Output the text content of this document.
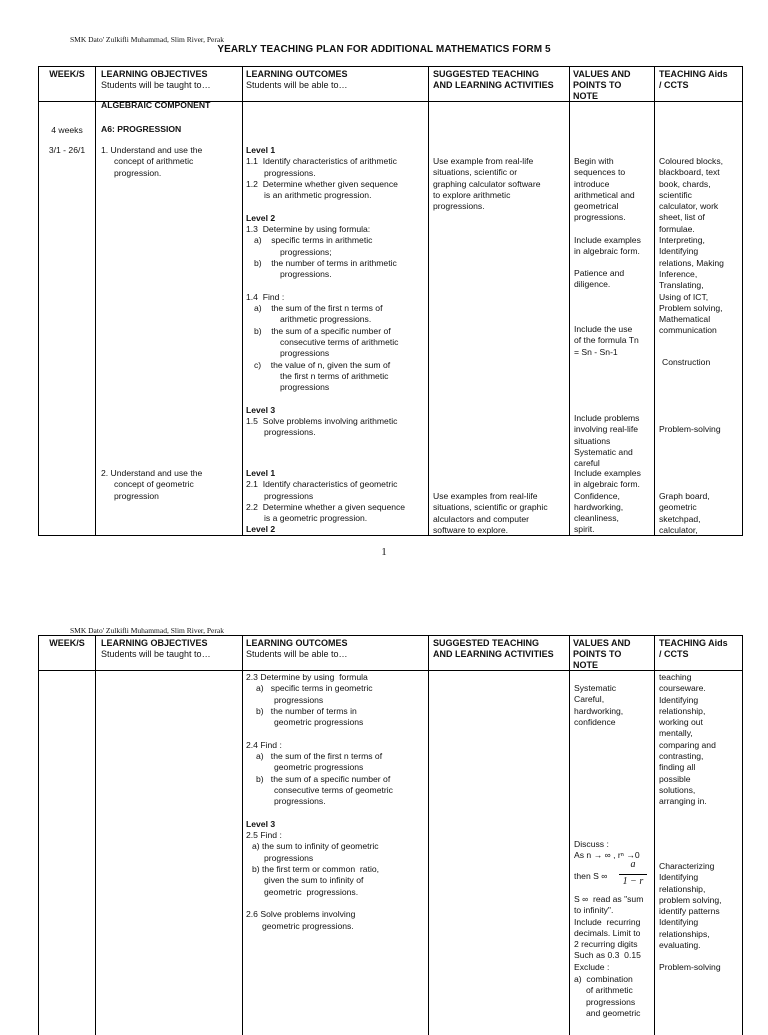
SMK Dato' Zulkifli Muhammad, Slim River, Perak
YEARLY TEACHING PLAN FOR ADDITIONAL MATHEMATICS FORM 5
WEEK/S	LEARNING OBJECTIVES
Students will be taught to…
LEARNING OUTCOMES
Students will be able to…
SUGGESTED TEACHING
AND LEARNING ACTIVITIES
VALUES AND
POINTS TO
NOTE
TEACHING Aids
/ CCTS
4 weeks
3/1 - 26/1
ALGEBRAIC COMPONENT
A6: PROGRESSION
1. Understand and use the
concept of arithmetic
progression.
2. Understand and use the
concept of geometric
progression
Level 1
1.1  Identify characteristics of arithmetic
progressions.
1.2  Determine whether given sequence
is an arithmetic progression.

Level 2
1.3  Determine by using formula:
a)    specific terms in arithmetic
progressions;
b)    the number of terms in arithmetic
progressions.

1.4  Find :
a)    the sum of the first n terms of
arithmetic progressions.
b)    the sum of a specific number of
consecutive terms of arithmetic
progressions
c)    the value of n, given the sum of
the first n terms of arithmetic
progressions

Level 3
1.5  Solve problems involving arithmetic
progressions.
Level 1
2.1  Identify characteristics of geometric
progressions
2.2  Determine whether a given sequence
is a geometric progression.
Level 2
Use example from real-life
situations, scientific or
graphing calculator software
to explore arithmetic
progressions.
Use examples from real-life
situations, scientific or graphic
alculactors and computer
software to explore.
Begin with
sequences to
introduce
arithmetical and
geometrical
progressions.
Include examples
in algebraic form.
Patience and
diligence.
Include the use
of the formula Tn
= Sn - Sn-1
Include problems
involving real-life
situations
Systematic and
careful
Include examples
in algebraic form.
Confidence,
hardworking,
cleanliness,
spirit.
Coloured blocks,
blackboard, text
book, chards,
scientific
calculator, work
sheet, list of
formulae.
Interpreting,
Identifying
relations, Making
Inference,
Translating,
Using of ICT,
Problem solving,
Mathematical
communication
Construction
Problem-solving
Graph board,
geometric
sketchpad,
calculator,
1
SMK Dato' Zulkifli Muhammad, Slim River, Perak
WEEK/S	LEARNING OBJECTIVES
Students will be taught to…
LEARNING OUTCOMES
Students will be able to…
SUGGESTED TEACHING
AND LEARNING ACTIVITIES
VALUES AND
POINTS TO
NOTE
TEACHING Aids
/ CCTS
2.3 Determine by using  formula
a)   specific terms in geometric
progressions
b)   the number of terms in
geometric progressions

2.4 Find :
a)   the sum of the first n terms of
geometric progressions
b)   the sum of a specific number of
consecutive terms of geometric
progressions.

Level 3
2.5 Find :
a) the sum to infinity of geometric
progressions
b) the first term or common  ratio,
given the sum to infinity of
geometric  progressions.

2.6 Solve problems involving
geometric progressions.
Systematic
Careful,
hardworking,
confidence
Discuss :
As n → ∞ , rⁿ →0
then S ∞
a
1 − r
S ∞  read as "sum
to infinity".
Include  recurring
decimals. Limit to
2 recurring digits
Such as 0.3  0.15
Exclude :
a)  combination
of arithmetic
progressions
and geometric
teaching
courseware.
Identifying
relationship,
working out
mentally,
comparing and
contrasting,
finding all
possible
solutions,
arranging in.
Characterizing
Identifying
relationship,
problem solving,
identify patterns
Identifying
relationships,
evaluating.
Problem-solving
